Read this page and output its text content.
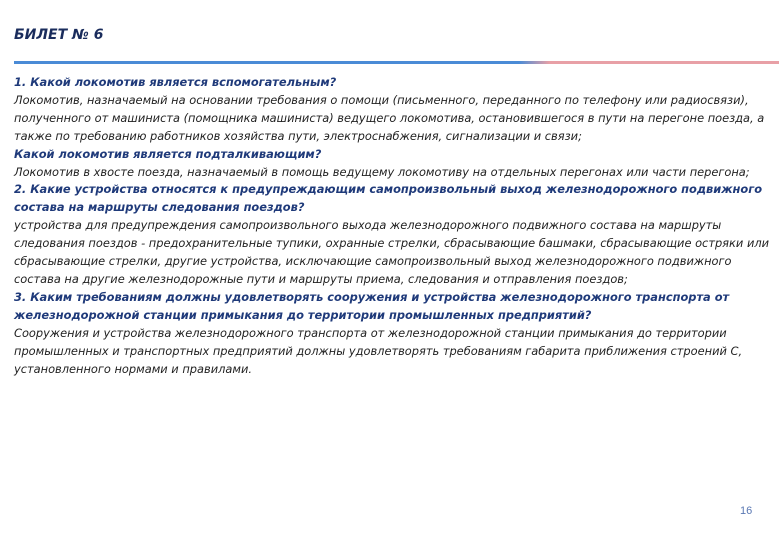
БИЛЕТ № 6

1. Какой локомотив является вспомогательным?

Локомотив, назначаемый на основании требования о помощи (письменного, переданного по телефону или радиосвязи), полученного от машиниста (помощника машиниста) ведущего локомотива, остановившегося в пути на перегоне поезда, а также по требованию работников хозяйства пути, электроснабжения, сигнализации и связи;

Какой локомотив является подталкивающим?

Локомотив в хвосте поезда, назначаемый в помощь ведущему локомотиву на отдельных перегонах или части перегона;

2. Какие устройства относятся к предупреждающим самопроизвольный выход железнодорожного подвижного состава на маршруты следования поездов?

устройства для предупреждения самопроизвольного выхода железнодорожного подвижного состава на маршруты следования поездов - предохранительные тупики, охранные стрелки, сбрасывающие башмаки, сбрасывающие остряки или сбрасывающие стрелки, другие устройства, исключающие самопроизвольный выход железнодорожного подвижного состава на другие железнодорожные пути и маршруты приема, следования и отправления поездов;

3. Каким требованиям должны удовлетворять сооружения и устройства железнодорожного транспорта от железнодорожной станции примыкания до территории промышленных предприятий?

Сооружения и устройства железнодорожного транспорта от железнодорожной станции примыкания до территории промышленных и транспортных предприятий должны удовлетворять требованиям габарита приближения строений С, установленного нормами и правилами.

16
